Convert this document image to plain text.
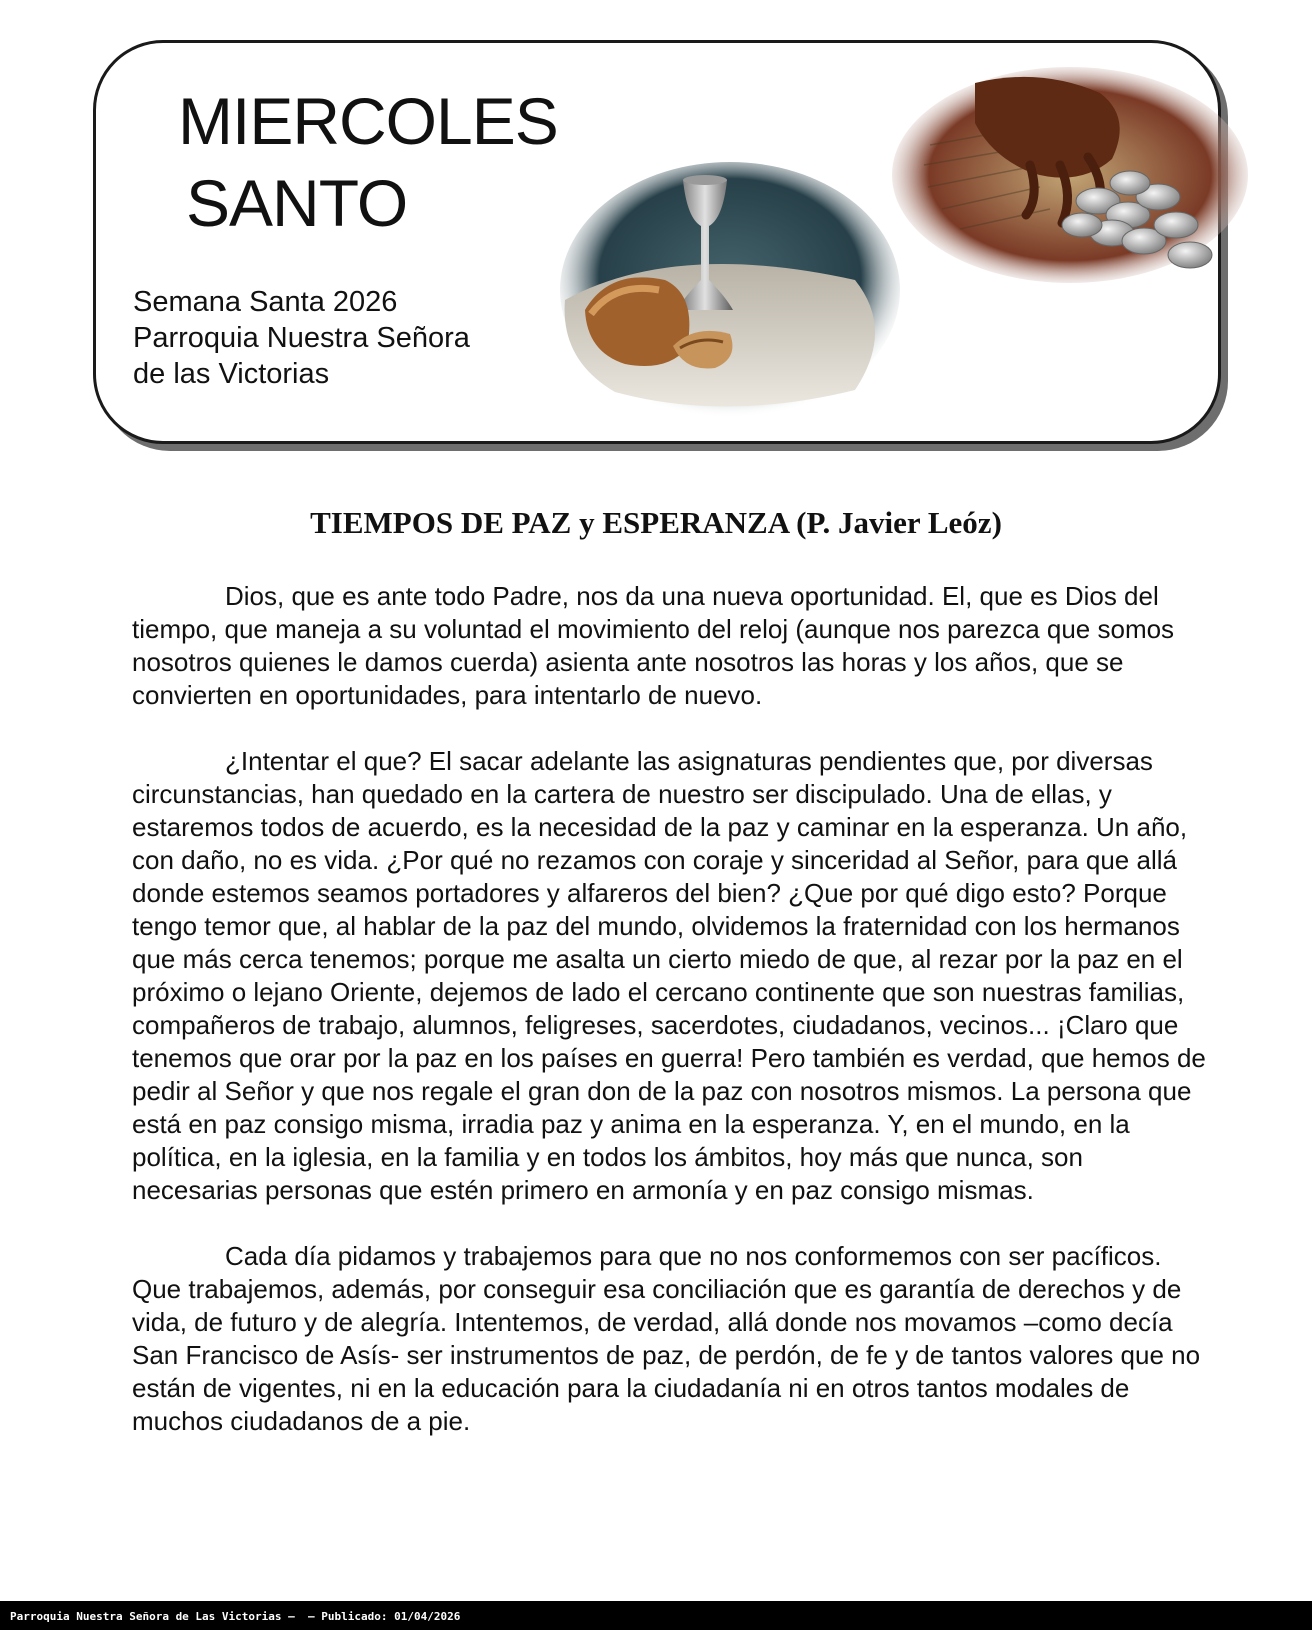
MIERCOLES
SANTO
Semana Santa 2026
Parroquia Nuestra Señora
de las Victorias
TIEMPOS DE PAZ y ESPERANZA (P. Javier Leóz)

Dios, que es ante todo Padre, nos da una nueva oportunidad. El, que es Dios del tiempo, que maneja a su voluntad el movimiento del reloj (aunque nos parezca que somos nosotros quienes le damos cuerda) asienta ante nosotros las horas y los años, que se convierten en oportunidades, para intentarlo de nuevo.

¿Intentar el que? El sacar adelante las asignaturas pendientes que, por diversas circunstancias, han quedado en la cartera de nuestro ser discipulado. Una de ellas, y estaremos todos de acuerdo, es la necesidad de la paz y caminar en la esperanza. Un año, con daño, no es vida. ¿Por qué no rezamos con coraje y sinceridad al Señor, para que allá donde estemos seamos portadores y alfareros del bien? ¿Que por qué digo esto? Porque tengo temor que, al hablar de la paz del mundo, olvidemos la fraternidad con los hermanos que más cerca tenemos; porque me asalta un cierto miedo de que, al rezar por la paz en el próximo o lejano Oriente, dejemos de lado el cercano continente que son nuestras familias, compañeros de trabajo, alumnos, feligreses, sacerdotes, ciudadanos, vecinos... ¡Claro que tenemos que orar por la paz en los países en guerra! Pero también es verdad, que hemos de pedir al Señor y que nos regale el gran don de la paz con nosotros mismos. La persona que está en paz consigo misma, irradia paz y anima en la esperanza. Y, en el mundo, en la política, en la iglesia, en la familia y en todos los ámbitos, hoy más que nunca, son necesarias personas que estén primero en armonía y en paz consigo mismas.

Cada día pidamos y trabajemos para que no nos conformemos con ser pacíficos. Que trabajemos, además, por conseguir esa conciliación que es garantía de derechos y de vida, de futuro y de alegría. Intentemos, de verdad, allá donde nos movamos –como decía San Francisco de Asís- ser instrumentos de paz, de perdón, de fe y de tantos valores que no están de vigentes, ni en la educación para la ciudadanía ni en otros tantos modales de muchos ciudadanos de a pie.

Parroquia Nuestra Señora de Las Victorias –  – Publicado: 01/04/2026
